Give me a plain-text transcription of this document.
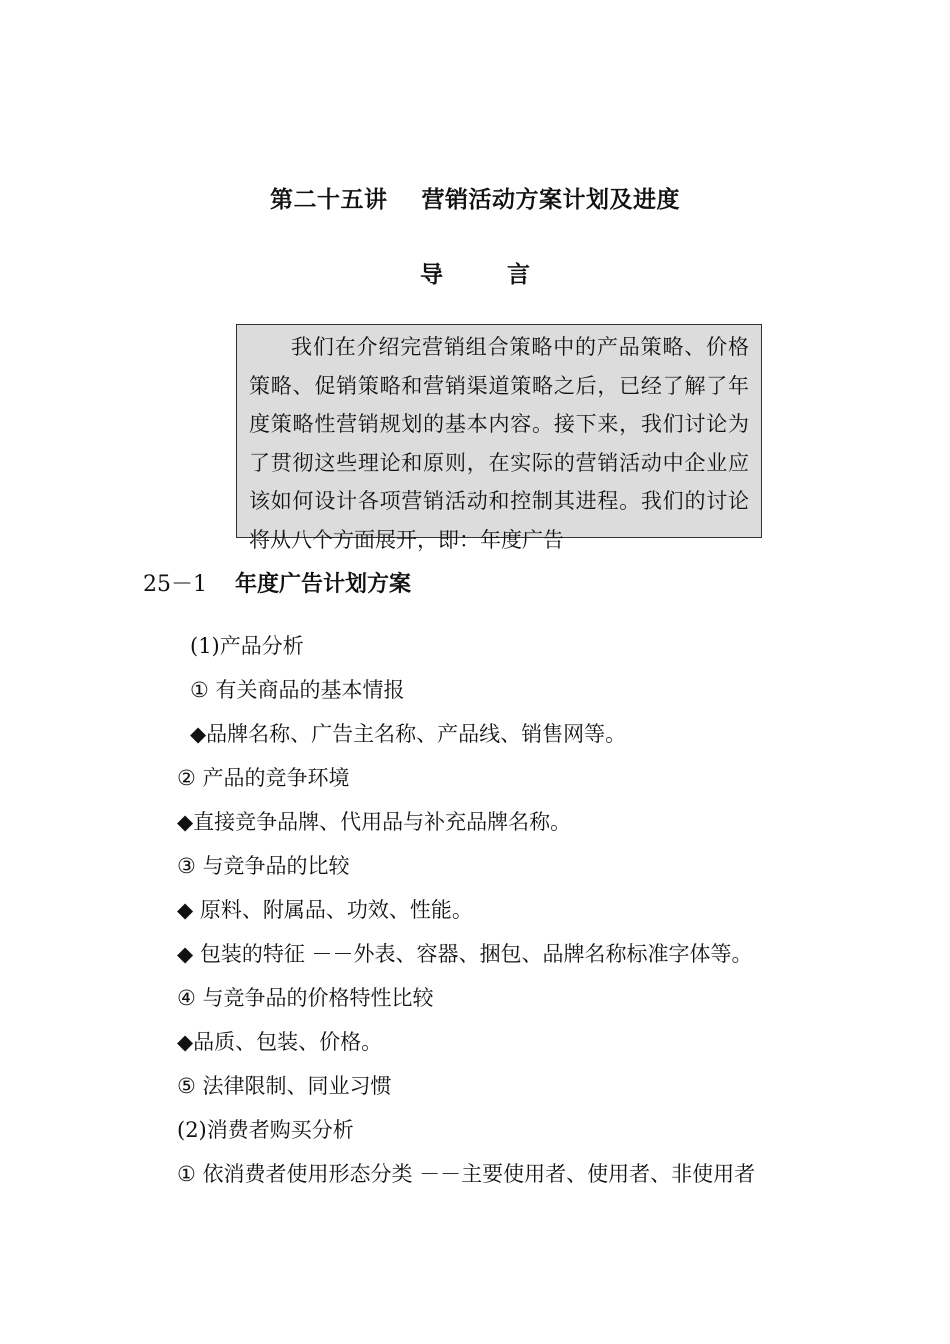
第二十五讲    营销活动方案计划及进度
导        言

我们在介绍完营销组合策略中的产品策略、价格策略、促销策略和营销渠道策略之后，已经了解了年度策略性营销规划的基本内容。接下来，我们讨论为了贯彻这些理论和原则，在实际的营销活动中企业应该如何设计各项营销活动和控制其进程。我们的讨论将从八个方面展开，即：年度广告

25－1 年度广告计划方案
(1)产品分析
① 有关商品的基本情报
◆品牌名称、广告主名称、产品线、销售网等。
② 产品的竞争环境
◆直接竞争品牌、代用品与补充品牌名称。
③ 与竞争品的比较
◆ 原料、附属品、功效、性能。
◆ 包装的特征 －－外表、容器、捆包、品牌名称标准字体等。
④ 与竞争品的价格特性比较
◆品质、包装、价格。
⑤ 法律限制、同业习惯
(2)消费者购买分析
① 依消费者使用形态分类 －－主要使用者、使用者、非使用者
